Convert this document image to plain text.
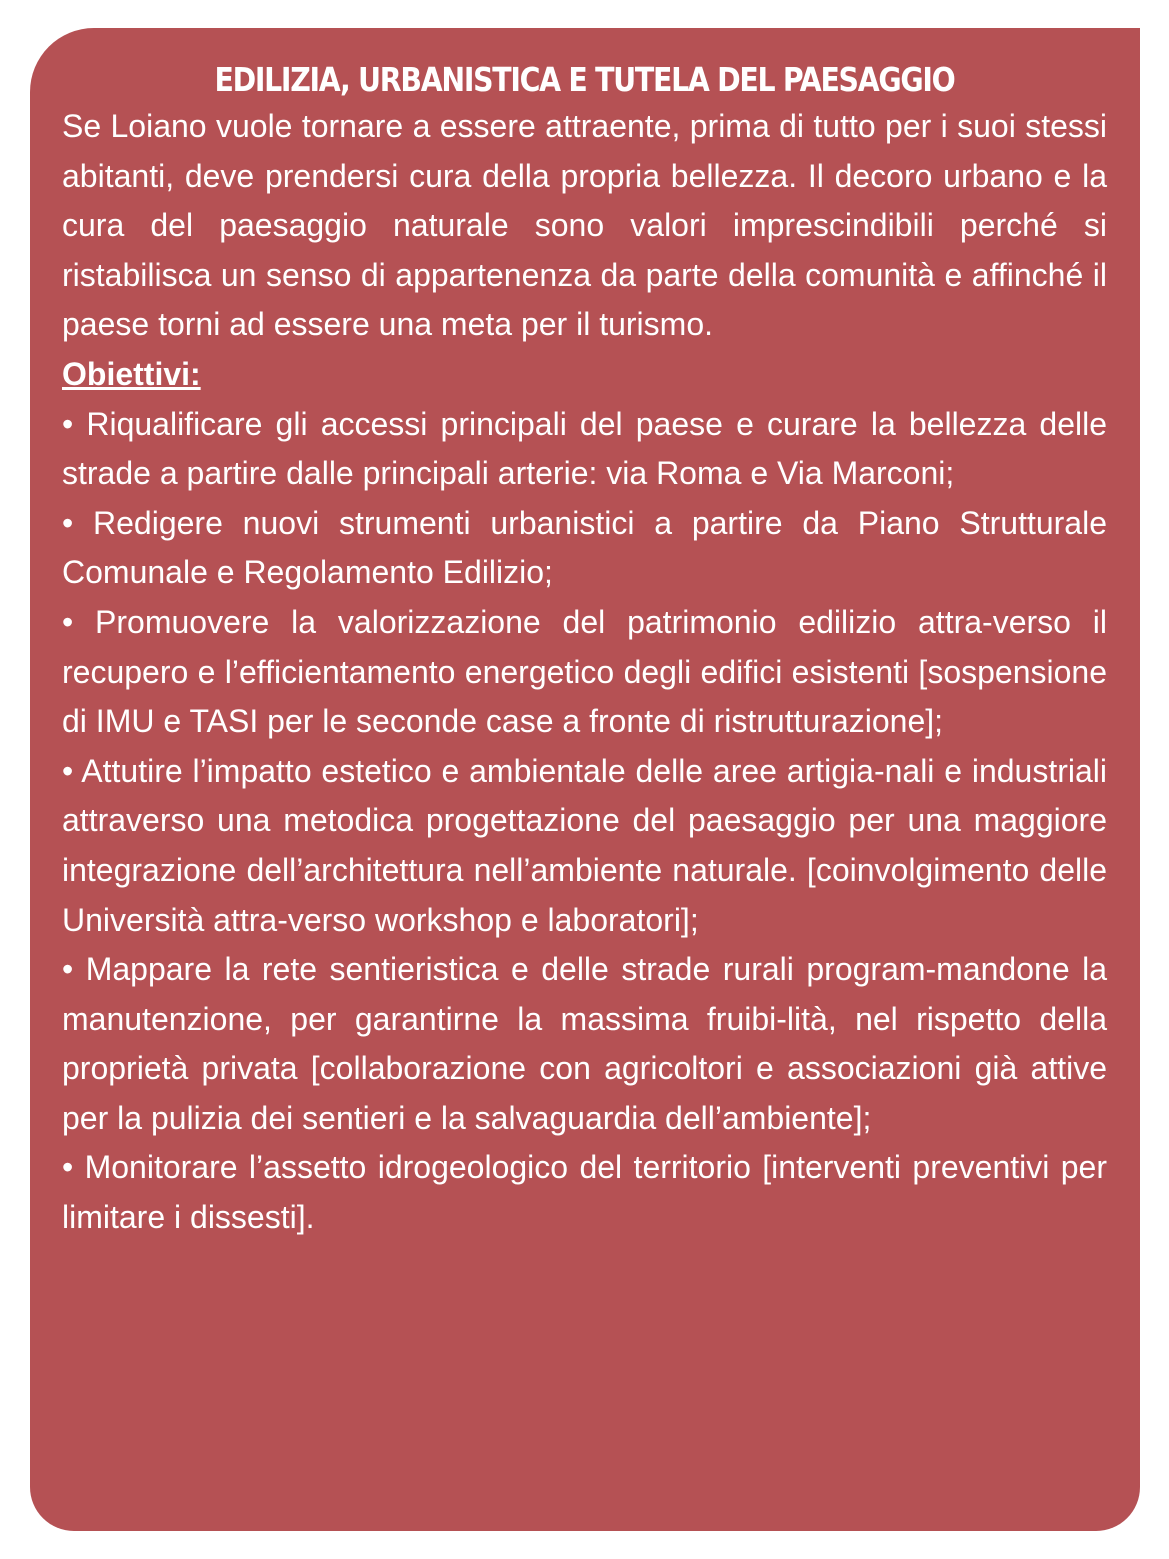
EDILIZIA, URBANISTICA E TUTELA DEL PAESAGGIO

Se Loiano vuole tornare a essere attraente, prima di tutto per i suoi stessi abitanti, deve prendersi cura della propria bellezza. Il decoro urbano e la cura del paesaggio naturale sono valori imprescindibili perché si ristabilisca un senso di appartenenza da parte della comunità e affinché il paese torni ad essere una meta per il turismo.

Obiettivi:

• Riqualificare gli accessi principali del paese e curare la bellezza delle strade a partire dalle principali arterie: via Roma e Via Marconi;
• Redigere nuovi strumenti urbanistici a partire da Piano Strutturale Comunale e Regolamento Edilizio;
• Promuovere la valorizzazione del patrimonio edilizio attra-verso il recupero e l’efficientamento energetico degli edifici esistenti [sospensione di IMU e TASI per le seconde case a fronte di ristrutturazione];
• Attutire l’impatto estetico e ambientale delle aree artigia-nali e industriali attraverso una metodica progettazione del paesaggio per una maggiore integrazione dell’architettura nell’ambiente naturale. [coinvolgimento delle Università attra-verso workshop e laboratori];
• Mappare la rete sentieristica e delle strade rurali program-mandone la manutenzione, per garantirne la massima fruibi-lità, nel rispetto della proprietà privata [collaborazione con agricoltori e associazioni già attive per la pulizia dei sentieri e la salvaguardia dell’ambiente];
• Monitorare l’assetto idrogeologico del territorio [interventi preventivi per limitare i dissesti].
